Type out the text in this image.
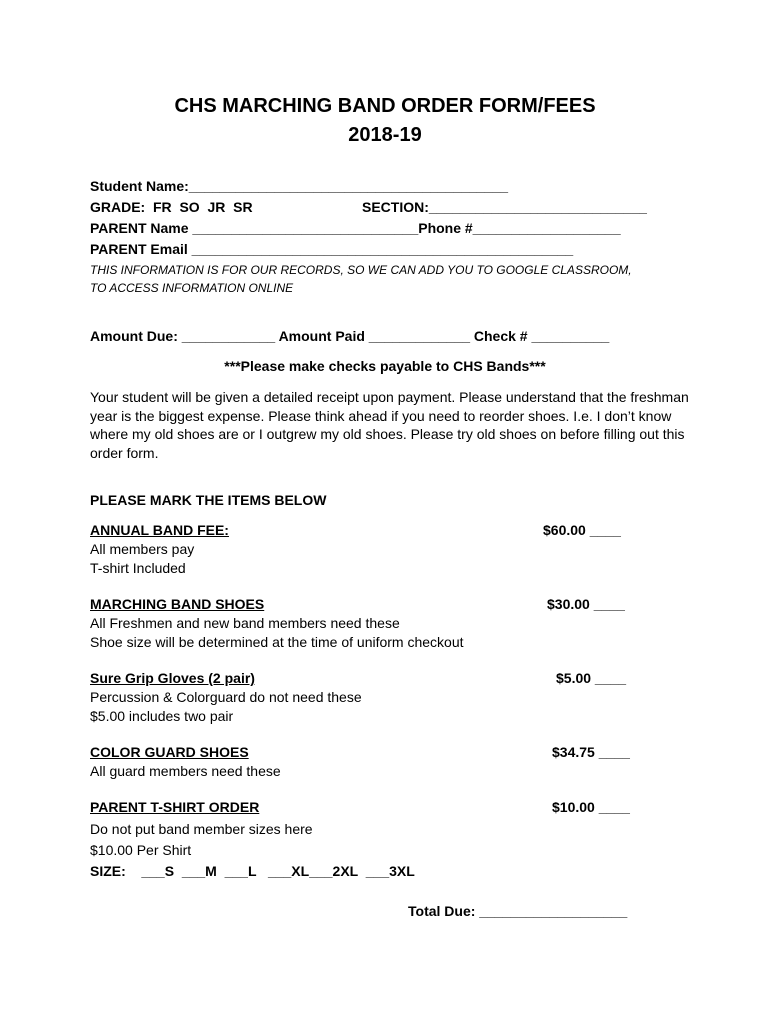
CHS MARCHING BAND ORDER FORM/FEES
2018-19
Student Name:_________________________________________
GRADE:  FR  SO  JR  SR	SECTION:____________________________
PARENT Name _____________________________Phone #___________________
PARENT Email _________________________________________________
THIS INFORMATION IS FOR OUR RECORDS, SO WE CAN ADD YOU TO GOOGLE CLASSROOM,
TO ACCESS INFORMATION ONLINE
Amount Due: ____________ Amount Paid _____________ Check # __________
***Please make checks payable to CHS Bands***
Your student will be given a detailed receipt upon payment. Please understand that the freshman year is the biggest expense. Please think ahead if you need to reorder shoes. I.e. I don’t know where my old shoes are or I outgrew my old shoes. Please try old shoes on before filling out this order form.
PLEASE MARK THE ITEMS BELOW
ANNUAL BAND FEE:	$60.00 ____
All members pay
T-shirt Included
MARCHING BAND SHOES	$30.00 ____
All Freshmen and new band members need these
Shoe size will be determined at the time of uniform checkout
Sure Grip Gloves (2 pair)	$5.00 ____
Percussion & Colorguard do not need these
$5.00 includes two pair
COLOR GUARD SHOES	$34.75 ____
All guard members need these
PARENT T-SHIRT ORDER	$10.00 ____
Do not put band member sizes here
$10.00 Per Shirt
SIZE:    ___S  ___M  ___L   ___XL___2XL  ___3XL
Total Due: ___________________
